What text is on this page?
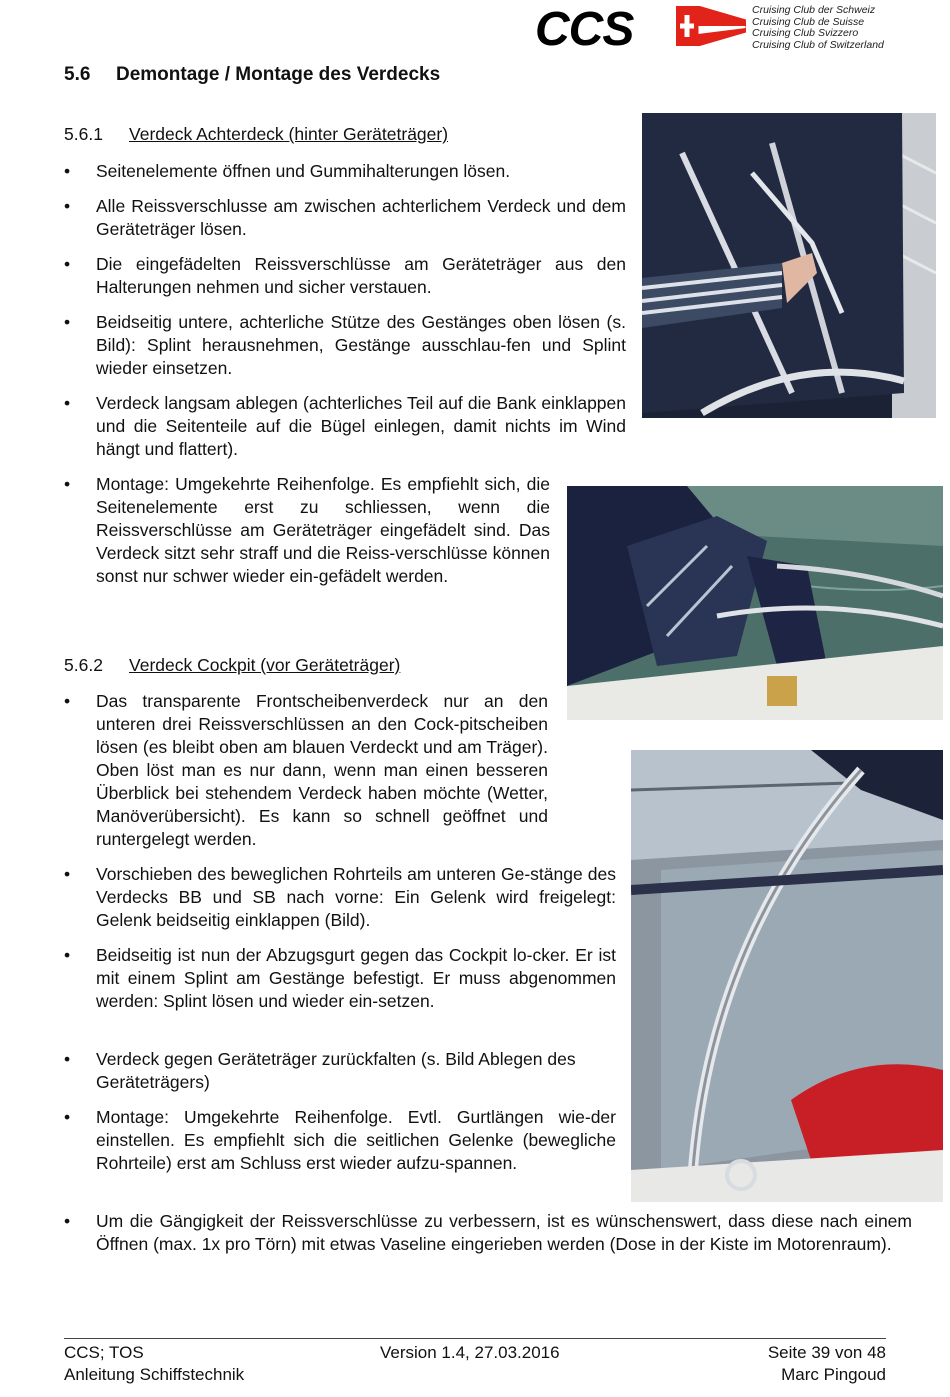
CCS	Cruising Club der Schweiz
Cruising Club de Suisse
Cruising Club Svizzero
Cruising Club of Switzerland
5.6 Demontage / Montage des Verdecks
5.6.1 Verdeck Achterdeck (hinter Geräteträger)
•	Seitenelemente öffnen und Gummihalterungen lösen.
•	Alle Reissverschlusse am zwischen achterlichem Verdeck und dem Geräteträger lösen.
•	Die eingefädelten Reissverschlüsse am Geräteträger aus den Halterungen nehmen und sicher verstauen.
•	Beidseitig untere, achterliche Stütze des Gestänges oben lösen (s. Bild): Splint herausnehmen, Gestänge ausschlau-fen und Splint wieder einsetzen.
•	Verdeck langsam ablegen (achterliches Teil auf die Bank einklappen und die Seitenteile auf die Bügel einlegen, damit nichts im Wind hängt und flattert).
•	Montage: Umgekehrte Reihenfolge. Es empfiehlt sich, die Seitenelemente erst zu schliessen, wenn die Reissverschlüsse am Geräteträger eingefädelt sind. Das Verdeck sitzt sehr straff und die Reiss-verschlüsse können sonst nur schwer wieder ein-gefädelt werden.
5.6.2 Verdeck Cockpit (vor Geräteträger)
•	Das transparente Frontscheibenverdeck nur an den unteren drei Reissverschlüssen an den Cock-pitscheiben lösen (es bleibt oben am blauen Verdeckt und am Träger). Oben löst man es nur dann, wenn man einen besseren Überblick bei stehendem Verdeck haben möchte (Wetter, Manöverübersicht). Es kann so schnell geöffnet und runtergelegt werden.
•	Vorschieben des beweglichen Rohrteils am unteren Ge-stänge des Verdecks BB und SB nach vorne: Ein Gelenk wird freigelegt: Gelenk beidseitig einklappen (Bild).
•	Beidseitig ist nun der Abzugsgurt gegen das Cockpit lo-cker. Er ist mit einem Splint am Gestänge befestigt. Er muss abgenommen werden: Splint lösen und wieder ein-setzen.
•	Verdeck gegen Geräteträger zurückfalten (s. Bild Ablegen des Geräteträgers)
•	Montage: Umgekehrte Reihenfolge. Evtl. Gurtlängen wie-der einstellen. Es empfiehlt sich die seitlichen Gelenke (bewegliche Rohrteile) erst am Schluss erst wieder aufzu-spannen.
•	Um die Gängigkeit der Reissverschlüsse zu verbessern, ist es wünschenswert, dass diese nach einem Öffnen (max. 1x pro Törn) mit etwas Vaseline eingerieben werden (Dose in der Kiste im Motorenraum).
CCS; TOS
Anleitung Schiffstechnik
Version 1.4, 27.03.2016	Seite 39 von 48
Marc Pingoud
